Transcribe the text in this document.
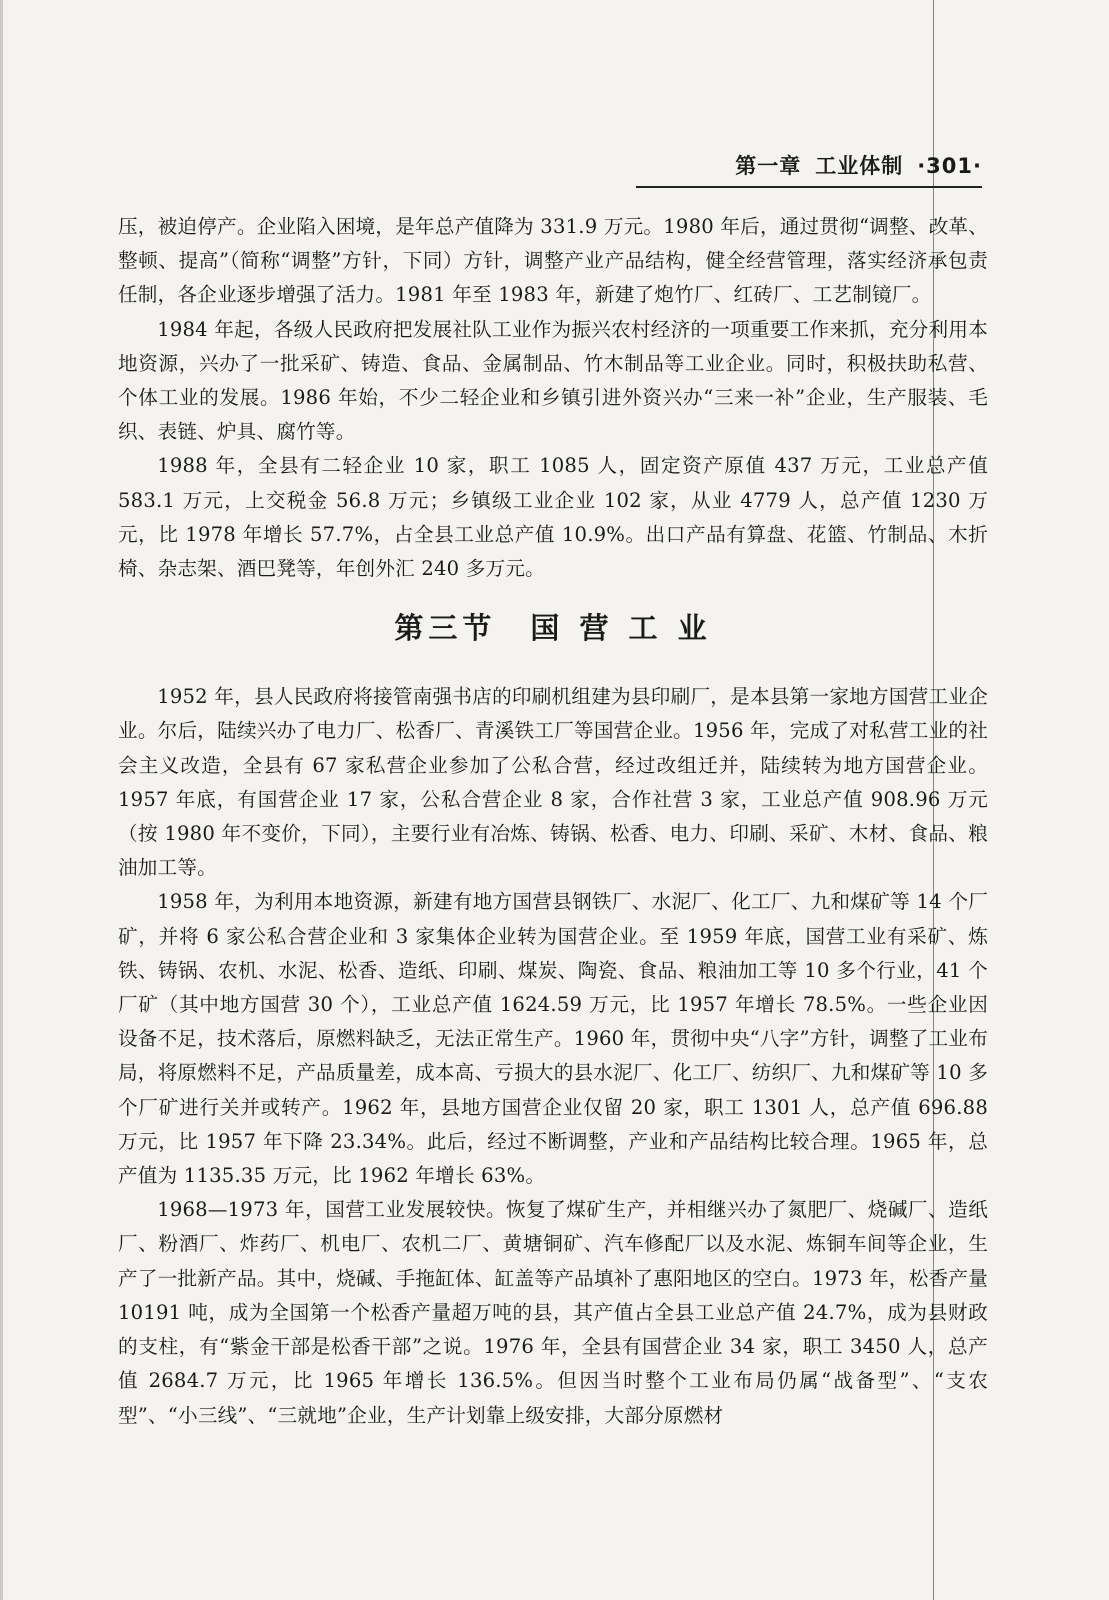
第一章 工业体制 ·301·

压，被迫停产。企业陷入困境，是年总产值降为 331.9 万元。1980 年后，通过贯彻“调整、改革、整顿、提高”（简称“调整”方针，下同）方针，调整产业产品结构，健全经营管理，落实经济承包责任制，各企业逐步增强了活力。1981 年至 1983 年，新建了炮竹厂、红砖厂、工艺制镜厂。

1984 年起，各级人民政府把发展社队工业作为振兴农村经济的一项重要工作来抓，充分利用本地资源，兴办了一批采矿、铸造、食品、金属制品、竹木制品等工业企业。同时，积极扶助私营、个体工业的发展。1986 年始，不少二轻企业和乡镇引进外资兴办“三来一补”企业，生产服装、毛织、表链、炉具、腐竹等。

1988 年，全县有二轻企业 10 家，职工 1085 人，固定资产原值 437 万元，工业总产值 583.1 万元，上交税金 56.8 万元；乡镇级工业企业 102 家，从业 4779 人，总产值 1230 万元，比 1978 年增长 57.7%，占全县工业总产值 10.9%。出口产品有算盘、花篮、竹制品、木折椅、杂志架、酒巴凳等，年创外汇 240 多万元。

第三节　国 营 工 业

1952 年，县人民政府将接管南强书店的印刷机组建为县印刷厂，是本县第一家地方国营工业企业。尔后，陆续兴办了电力厂、松香厂、青溪铁工厂等国营企业。1956 年，完成了对私营工业的社会主义改造，全县有 67 家私营企业参加了公私合营，经过改组迁并，陆续转为地方国营企业。1957 年底，有国营企业 17 家，公私合营企业 8 家，合作社营 3 家，工业总产值 908.96 万元（按 1980 年不变价，下同），主要行业有冶炼、铸锅、松香、电力、印刷、采矿、木材、食品、粮油加工等。

1958 年，为利用本地资源，新建有地方国营县钢铁厂、水泥厂、化工厂、九和煤矿等 14 个厂矿，并将 6 家公私合营企业和 3 家集体企业转为国营企业。至 1959 年底，国营工业有采矿、炼铁、铸锅、农机、水泥、松香、造纸、印刷、煤炭、陶瓷、食品、粮油加工等 10 多个行业，41 个厂矿（其中地方国营 30 个），工业总产值 1624.59 万元，比 1957 年增长 78.5%。一些企业因设备不足，技术落后，原燃料缺乏，无法正常生产。1960 年，贯彻中央“八字”方针，调整了工业布局，将原燃料不足，产品质量差，成本高、亏损大的县水泥厂、化工厂、纺织厂、九和煤矿等 10 多个厂矿进行关并或转产。1962 年，县地方国营企业仅留 20 家，职工 1301 人，总产值 696.88 万元，比 1957 年下降 23.34%。此后，经过不断调整，产业和产品结构比较合理。1965 年，总产值为 1135.35 万元，比 1962 年增长 63%。

1968—1973 年，国营工业发展较快。恢复了煤矿生产，并相继兴办了氮肥厂、烧碱厂、造纸厂、粉酒厂、炸药厂、机电厂、农机二厂、黄塘铜矿、汽车修配厂以及水泥、炼铜车间等企业，生产了一批新产品。其中，烧碱、手拖缸体、缸盖等产品填补了惠阳地区的空白。1973 年，松香产量 10191 吨，成为全国第一个松香产量超万吨的县，其产值占全县工业总产值 24.7%，成为县财政的支柱，有“紫金干部是松香干部”之说。1976 年，全县有国营企业 34 家，职工 3450 人，总产值 2684.7 万元，比 1965 年增长 136.5%。但因当时整个工业布局仍属“战备型”、“支农型”、“小三线”、“三就地”企业，生产计划靠上级安排，大部分原燃材
